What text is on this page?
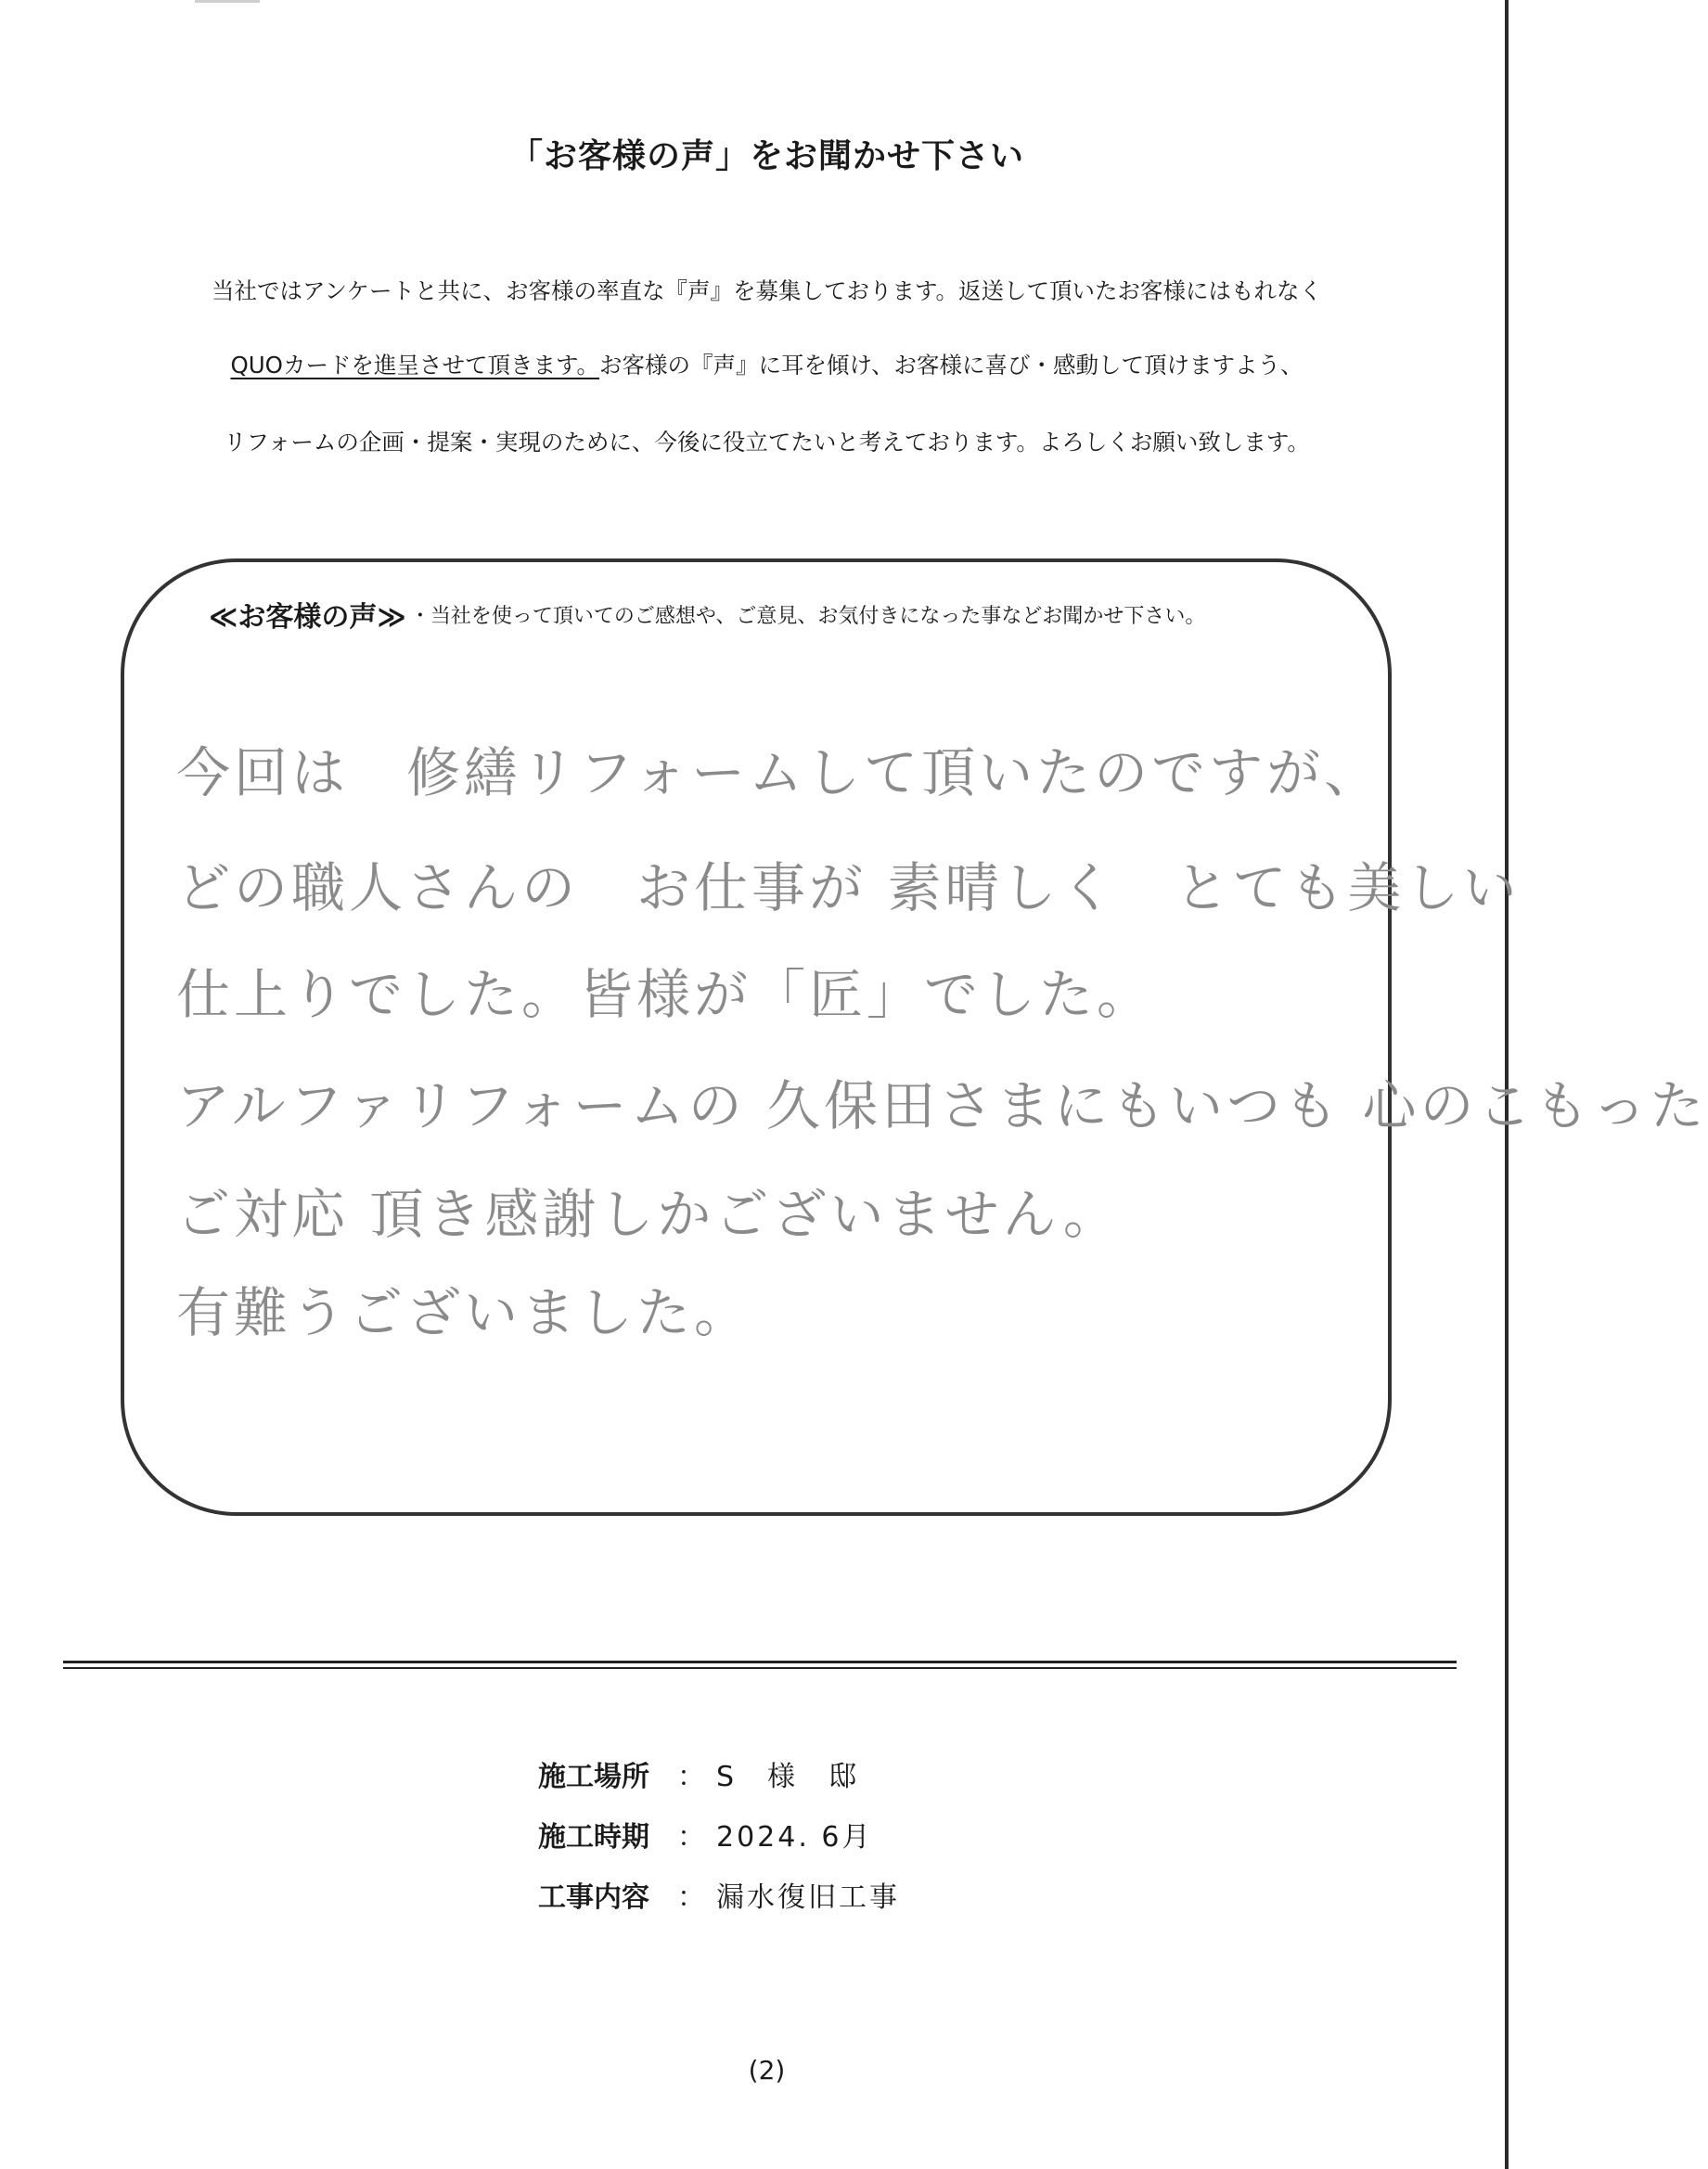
「お客様の声」をお聞かせ下さい
当社ではアンケートと共に、お客様の率直な『声』を募集しております。返送して頂いたお客様にはもれなく
QUOカードを進呈させて頂きます。お客様の『声』に耳を傾け、お客様に喜び・感動して頂けますよう、
リフォームの企画・提案・実現のために、今後に役立てたいと考えております。よろしくお願い致します。
≪お客様の声≫ ・当社を使って頂いてのご感想や、ご意見、お気付きになった事などお聞かせ下さい。
今回は　修繕リフォームして頂いたのですが、
どの職人さんの　お仕事が 素晴しく　とても美しい
仕上りでした。皆様が「匠」でした。
アルファリフォームの 久保田さまにもいつも 心のこもった
ご対応 頂き感謝しかございません。
有難うございました。
施工場所 ： S　様　邸
施工時期 ： 2024. 6月
工事内容 ： 漏水復旧工事
(2)
